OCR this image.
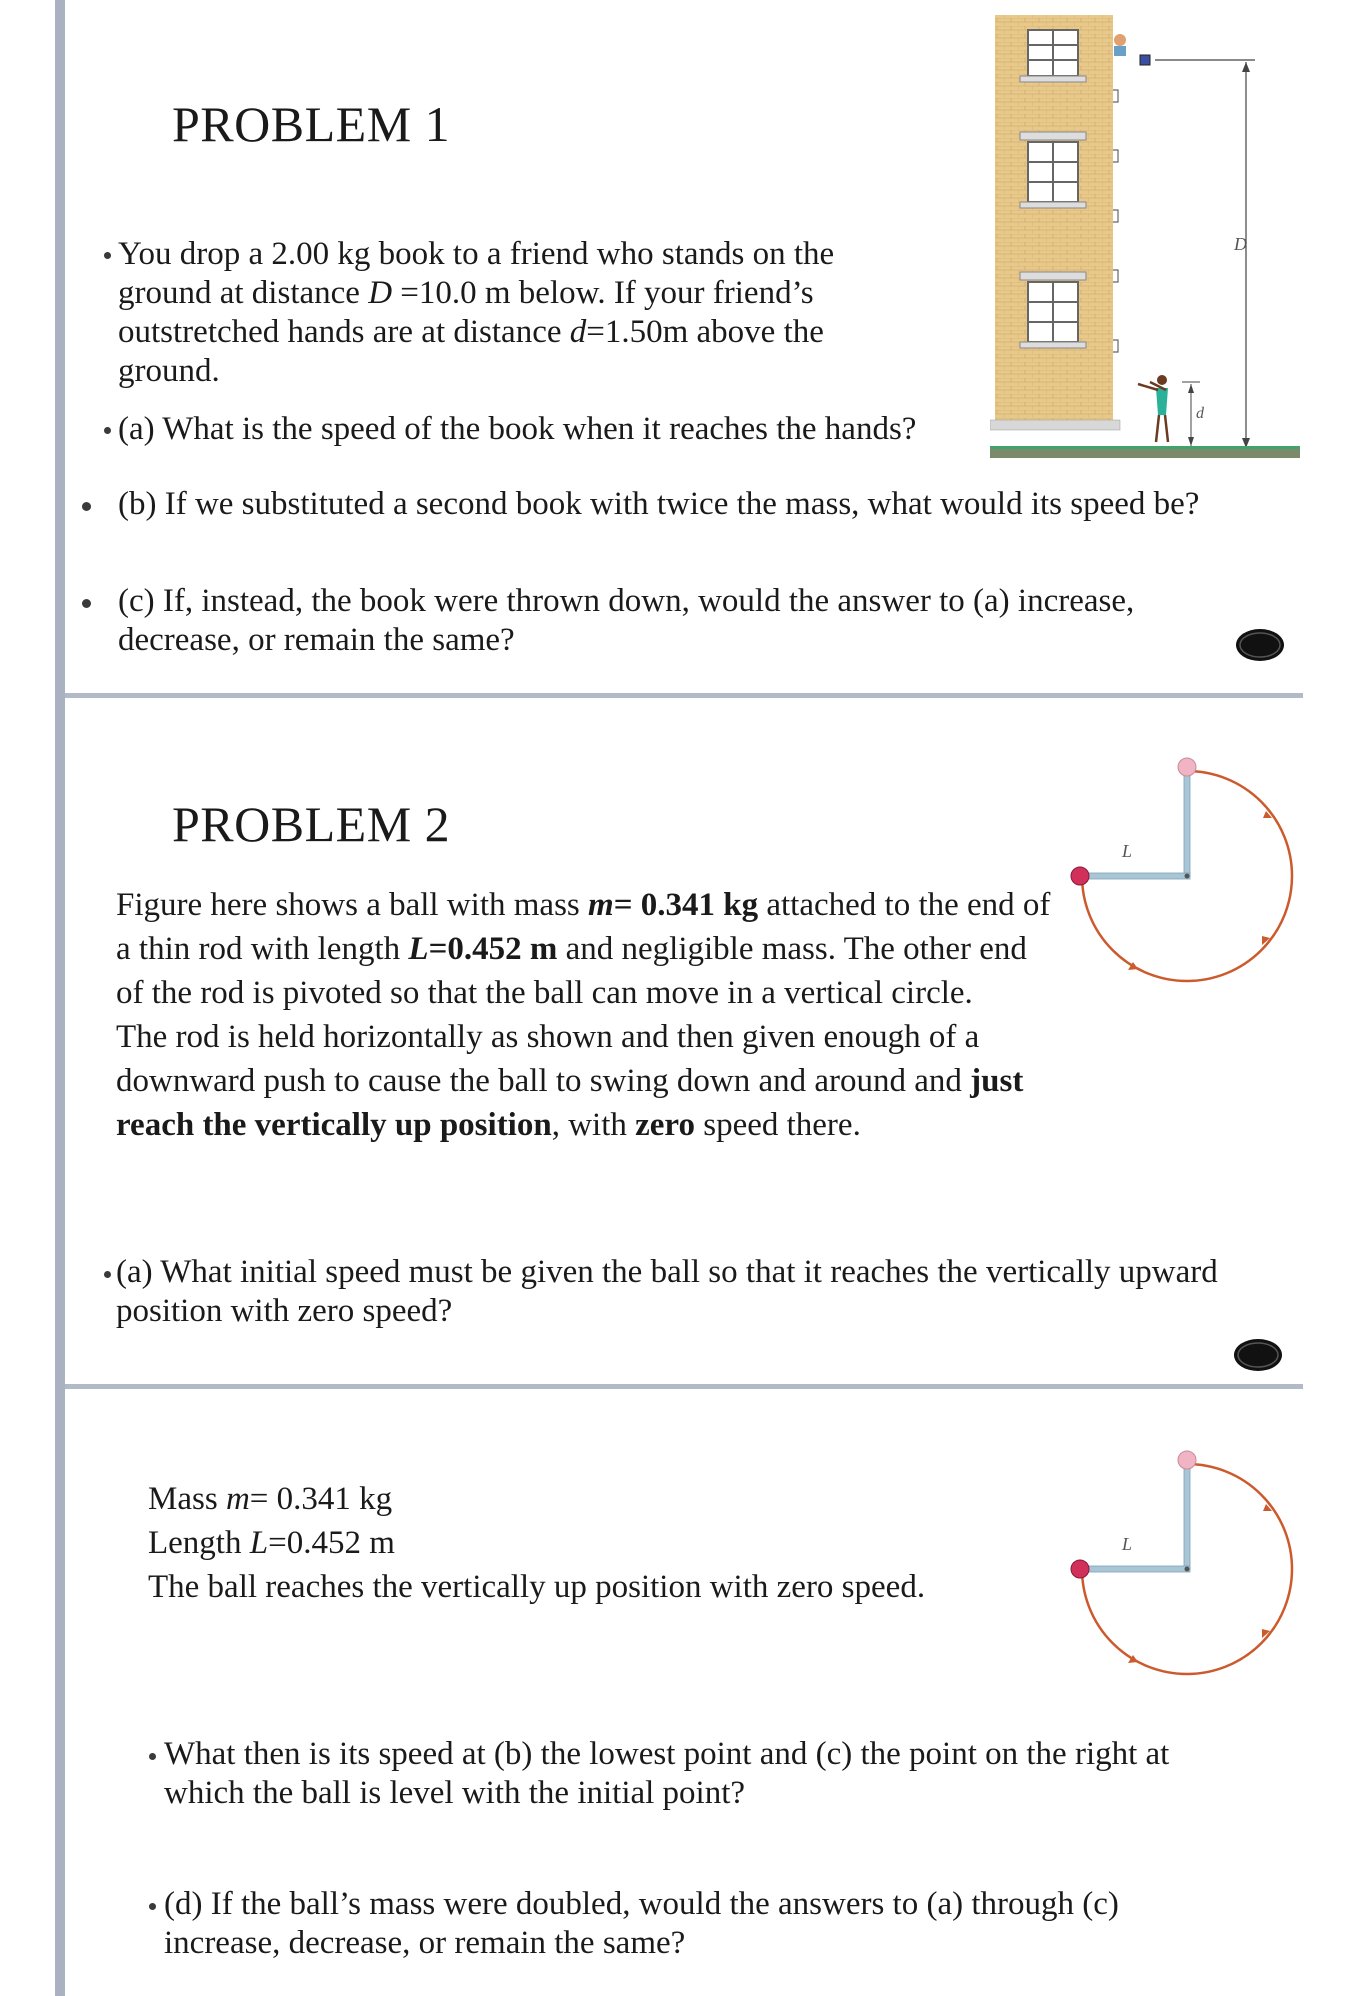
PROBLEM 1

You drop a 2.00 kg book to a friend who stands on the ground at distance D =10.0 m below. If your friend’s outstretched hands are at distance d=1.50m above the ground.

(a) What is the speed of the book when it reaches the hands?

(b) If we substituted a second book with twice the mass, what would its speed be?

(c) If, instead, the book were thrown down, would the answer to (a) increase, decrease, or remain the same?

D
d
PROBLEM 2

Figure here shows a ball with mass m= 0.341 kg attached to the end of a thin rod with length L=0.452 m and negligible mass. The other end of the rod is pivoted so that the ball can move in a vertical circle.
The rod is held horizontally as shown and then given enough of a downward push to cause the ball to swing down and around and just reach the vertically up position, with zero speed there.

(a) What initial speed must be given the ball so that it reaches the vertically upward position with zero speed?

L

Mass m= 0.341 kg
Length L=0.452 m
The ball reaches the vertically up position with zero speed.

What then is its speed at (b) the lowest point and (c) the point on the right at which the ball is level with the initial point?

(d) If the ball’s mass were doubled, would the answers to (a) through (c) increase, decrease, or remain the same?

L
